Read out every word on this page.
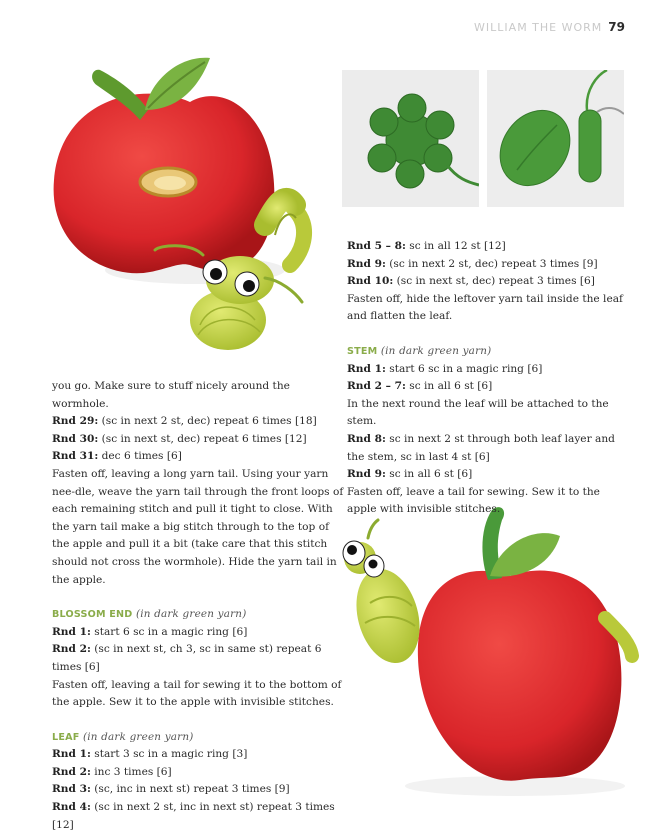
WILLIAM THE WORM 79

you go. Make sure to stuff nicely around the wormhole.

Rnd 29: (sc in next 2 st, dec) repeat 6 times [18]

Rnd 30: (sc in next st, dec) repeat 6 times [12]

Rnd 31: dec 6 times [6]

Fasten off, leaving a long yarn tail. Using your yarn nee-dle, weave the yarn tail through the front loops of each remaining stitch and pull it tight to close. With the yarn tail make a big stitch through to the top of the apple and pull it a bit (take care that this stitch should not cross the wormhole). Hide the yarn tail in the apple.

BLOSSOM END (in dark green yarn)

Rnd 1: start 6 sc in a magic ring [6]

Rnd 2: (sc in next st, ch 3, sc in same st) repeat 6 times [6]

Fasten off, leaving a tail for sewing it to the bottom of the apple. Sew it to the apple with invisible stitches.

LEAF (in dark green yarn)

Rnd 1: start 3 sc in a magic ring [3]

Rnd 2: inc 3 times [6]

Rnd 3: (sc, inc in next st) repeat 3 times [9]

Rnd 4: (sc in next 2 st, inc in next st) repeat 3 times [12]

Rnd 5 – 8: sc in all 12 st [12]

Rnd 9: (sc in next 2 st, dec) repeat 3 times [9]

Rnd 10: (sc in next st, dec) repeat 3 times [6]

Fasten off, hide the leftover yarn tail inside the leaf and flatten the leaf.

STEM (in dark green yarn)

Rnd 1: start 6 sc in a magic ring [6]

Rnd 2 – 7: sc in all 6 st [6]

In the next round the leaf will be attached to the stem.

Rnd 8: sc in next 2 st through both leaf layer and the stem, sc in last 4 st [6]

Rnd 9: sc in all 6 st [6]

Fasten off, leave a tail for sewing. Sew it to the apple with invisible stitches.
